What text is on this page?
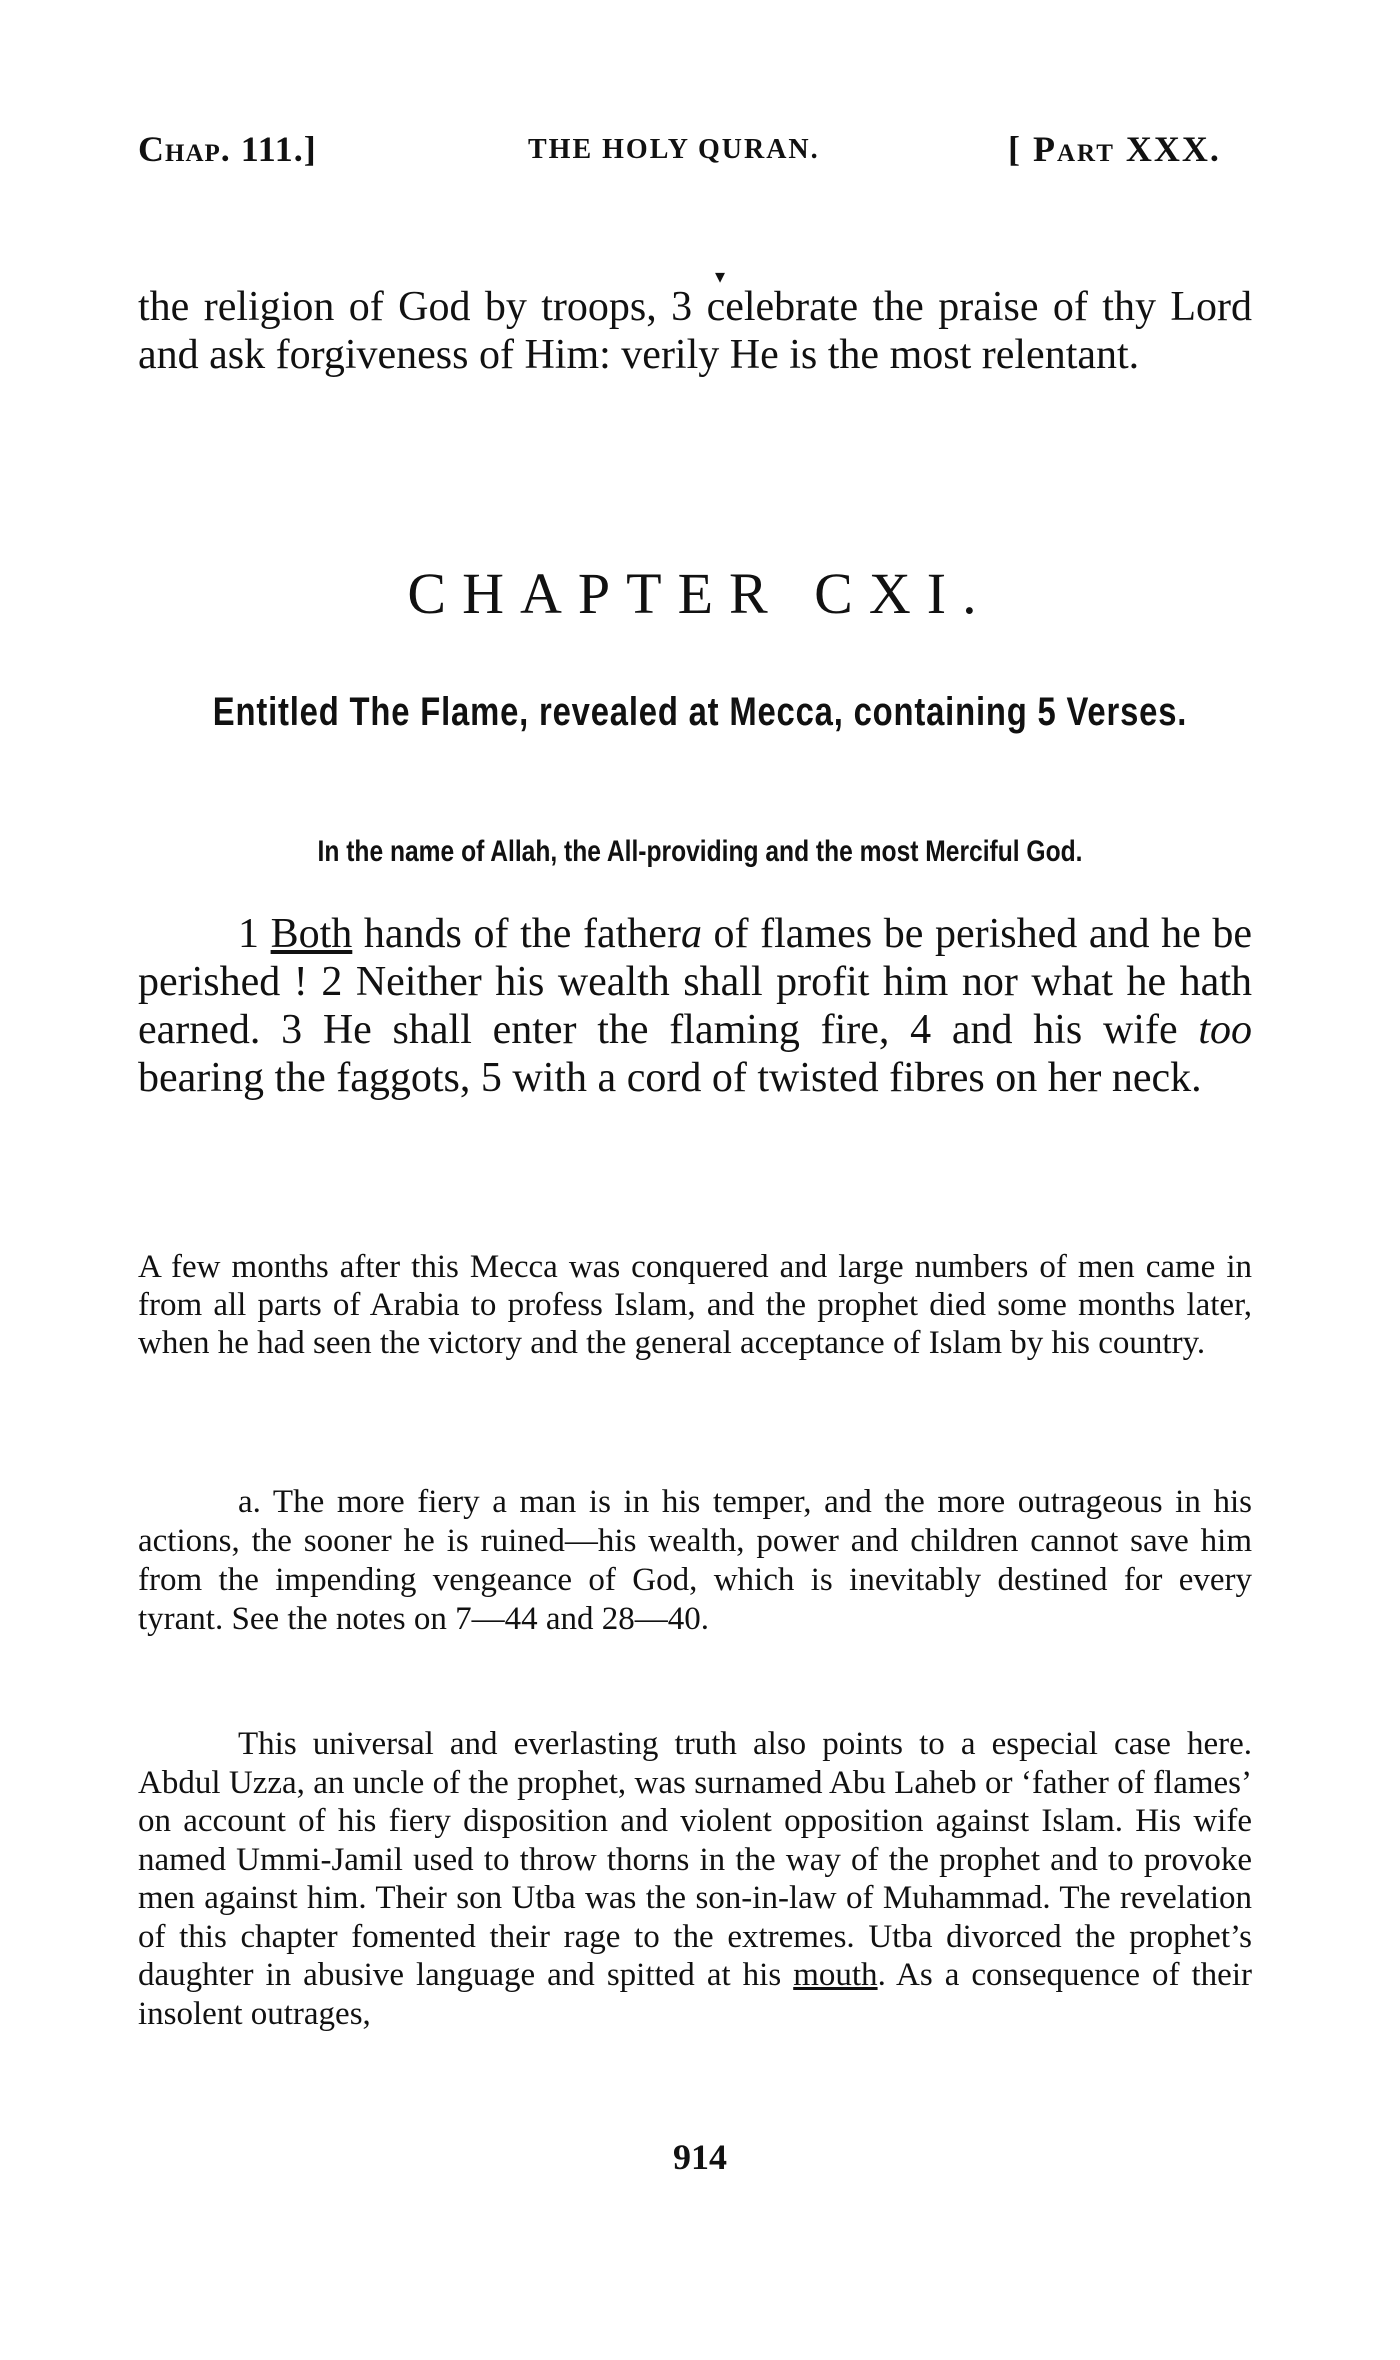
Chap. 111.]	THE HOLY QURAN.	[ Part XXX.
▾

the religion of God by troops, 3 celebrate the praise of thy Lord and ask forgiveness of Him: verily He is the most relentant.

CHAPTER CXI.
Entitled The Flame, revealed at Mecca, containing 5 Verses.
In the name of Allah, the All-providing and the most Merciful God.

1 Both hands of the fathera of flames be perished and he be perished ! 2 Neither his wealth shall profit him nor what he hath earned. 3 He shall enter the flaming fire, 4 and his wife too bearing the faggots, 5 with a cord of twisted fibres on her neck.

A few months after this Mecca was conquered and large numbers of men came in from all parts of Arabia to profess Islam, and the prophet died some months later, when he had seen the victory and the general acceptance of Islam by his country.

a. The more fiery a man is in his temper, and the more outrageous in his actions, the sooner he is ruined—his wealth, power and children cannot save him from the impending vengeance of God, which is inevitably destined for every tyrant. See the notes on 7—44 and 28—40.

This universal and everlasting truth also points to a especial case here. Abdul Uzza, an uncle of the prophet, was surnamed Abu Laheb or ‘father of flames’ on account of his fiery disposition and violent opposition against Islam. His wife named Ummi-Jamil used to throw thorns in the way of the prophet and to provoke men against him. Their son Utba was the son-in-law of Muhammad. The revelation of this chapter fomented their rage to the extremes. Utba divorced the prophet’s daughter in abusive language and spitted at his mouth. As a consequence of their insolent outrages,

914
